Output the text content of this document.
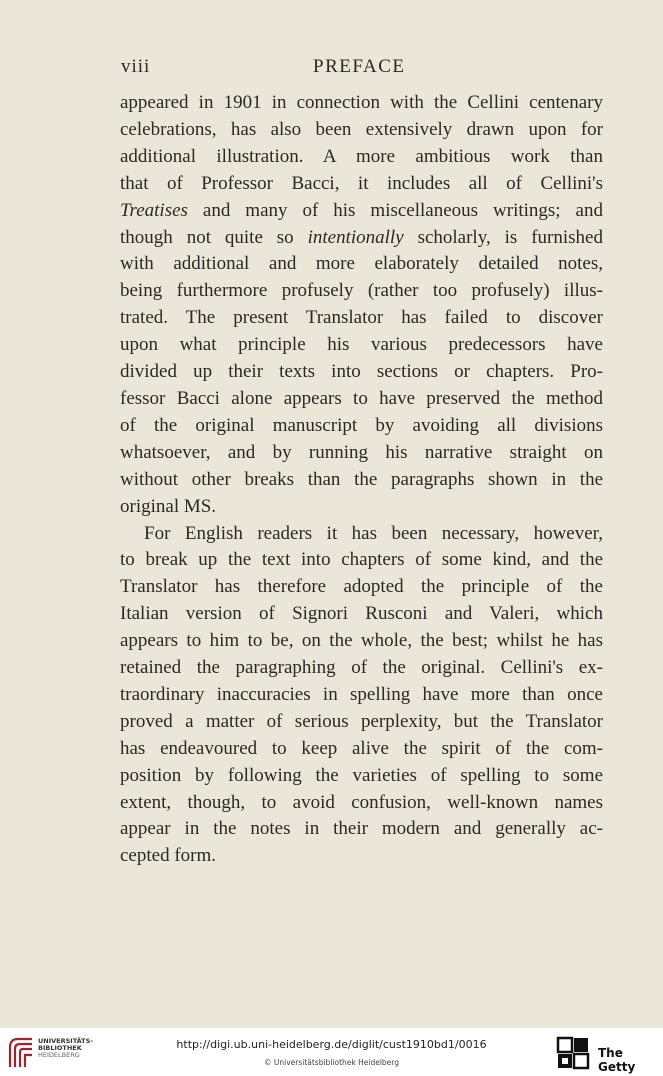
viii	PREFACE

appeared in 1901 in connection with the Cellini centenary
celebrations, has also been extensively drawn upon for
additional illustration. A more ambitious work than
that of Professor Bacci, it includes all of Cellini's
Treatises and many of his miscellaneous writings; and
though not quite so intentionally scholarly, is furnished
with additional and more elaborately detailed notes,
being furthermore profusely (rather too profusely) illus-
trated. The present Translator has failed to discover
upon what principle his various predecessors have
divided up their texts into sections or chapters. Pro-
fessor Bacci alone appears to have preserved the method
of the original manuscript by avoiding all divisions
whatsoever, and by running his narrative straight on
without other breaks than the paragraphs shown in the
original MS.

For English readers it has been necessary, however,
to break up the text into chapters of some kind, and the
Translator has therefore adopted the principle of the
Italian version of Signori Rusconi and Valeri, which
appears to him to be, on the whole, the best; whilst he has
retained the paragraphing of the original. Cellini's ex-
traordinary inaccuracies in spelling have more than once
proved a matter of serious perplexity, but the Translator
has endeavoured to keep alive the spirit of the com-
position by following the varieties of spelling to some
extent, though, to avoid confusion, well-known names
appear in the notes in their modern and generally ac-
cepted form.

UNIVERSITÄTS-
BIBLIOTHEK
HEIDELBERG
http://digi.ub.uni-heidelberg.de/diglit/cust1910bd1/0016
© Universitätsbibliothek Heidelberg
The Getty
